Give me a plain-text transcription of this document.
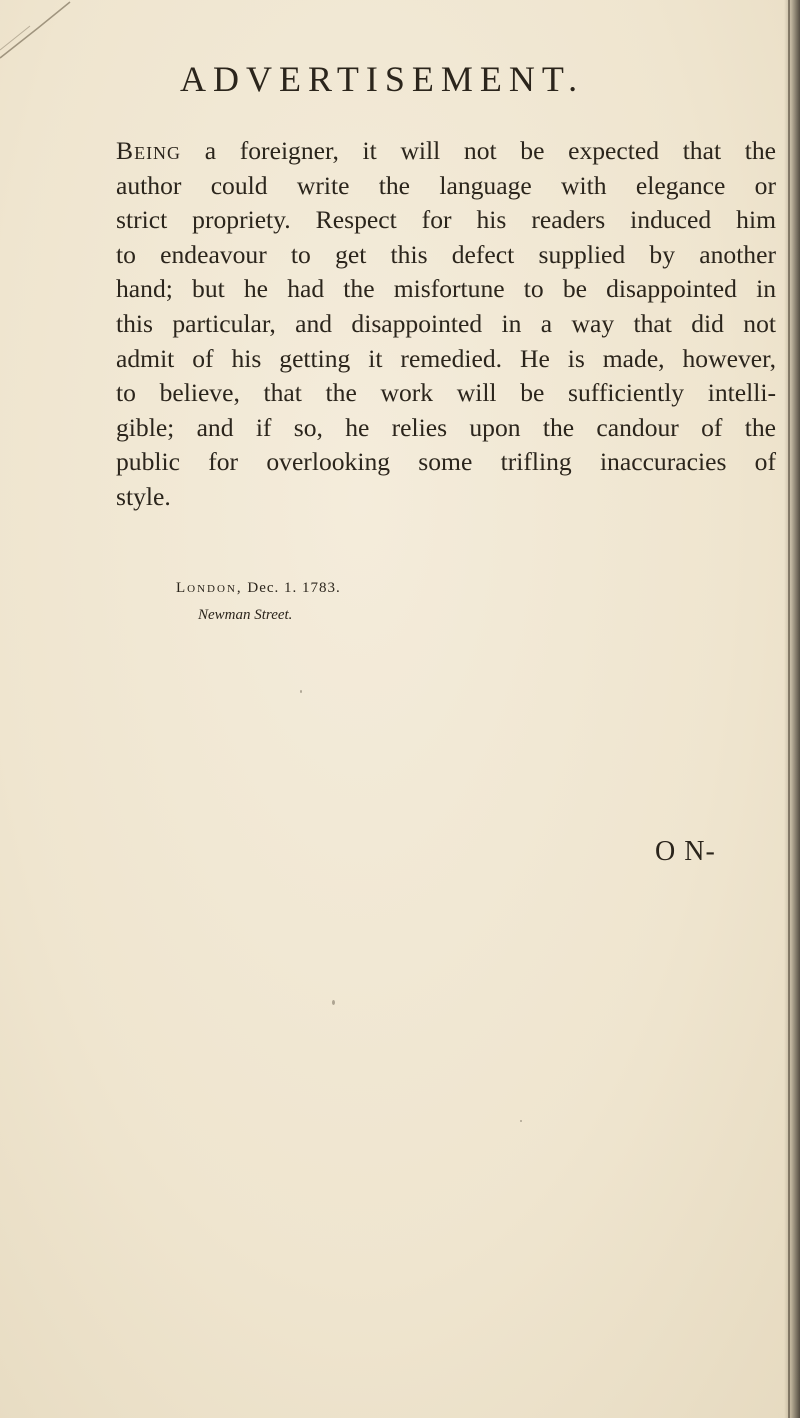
ADVERTISEMENT.
Being a foreigner, it will not be expected that the
author could write the language with elegance or
strict propriety. Respect for his readers induced him
to endeavour to get this defect supplied by another
hand; but he had the misfortune to be disappointed in
this particular, and disappointed in a way that did not
admit of his getting it remedied. He is made, however,
to believe, that the work will be sufficiently intelli-
gible; and if so, he relies upon the candour of the
public for overlooking some trifling inaccuracies of
style.
London, Dec. 1. 1783.
Newman Street.
O N-
